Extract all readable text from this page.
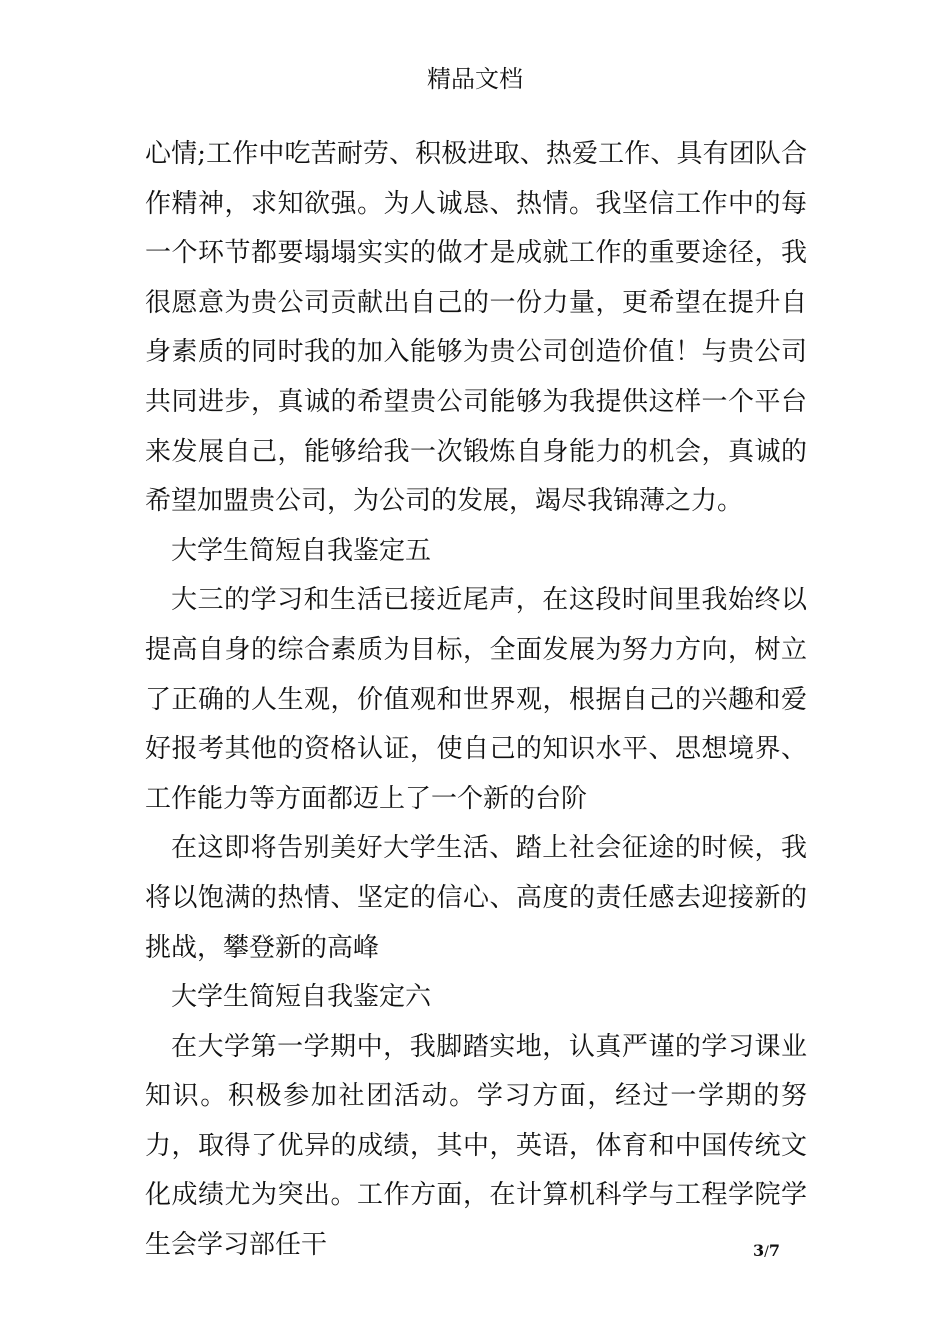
精品文档

心情;工作中吃苦耐劳、积极进取、热爱工作、具有团队合作精神，求知欲强。为人诚恳、热情。我坚信工作中的每一个环节都要塌塌实实的做才是成就工作的重要途径，我很愿意为贵公司贡献出自己的一份力量，更希望在提升自身素质的同时我的加入能够为贵公司创造价值！与贵公司共同进步，真诚的希望贵公司能够为我提供这样一个平台来发展自己，能够给我一次锻炼自身能力的机会，真诚的希望加盟贵公司，为公司的发展，竭尽我锦薄之力。

大学生简短自我鉴定五

大三的学习和生活已接近尾声，在这段时间里我始终以提高自身的综合素质为目标，全面发展为努力方向，树立了正确的人生观，价值观和世界观，根据自己的兴趣和爱好报考其他的资格认证，使自己的知识水平、思想境界、工作能力等方面都迈上了一个新的台阶

在这即将告别美好大学生活、踏上社会征途的时候，我将以饱满的热情、坚定的信心、高度的责任感去迎接新的挑战，攀登新的高峰

大学生简短自我鉴定六

在大学第一学期中，我脚踏实地，认真严谨的学习课业知识。积极参加社团活动。学习方面，经过一学期的努力，取得了优异的成绩，其中，英语，体育和中国传统文化成绩尤为突出。工作方面，在计算机科学与工程学院学生会学习部任干	3/7
